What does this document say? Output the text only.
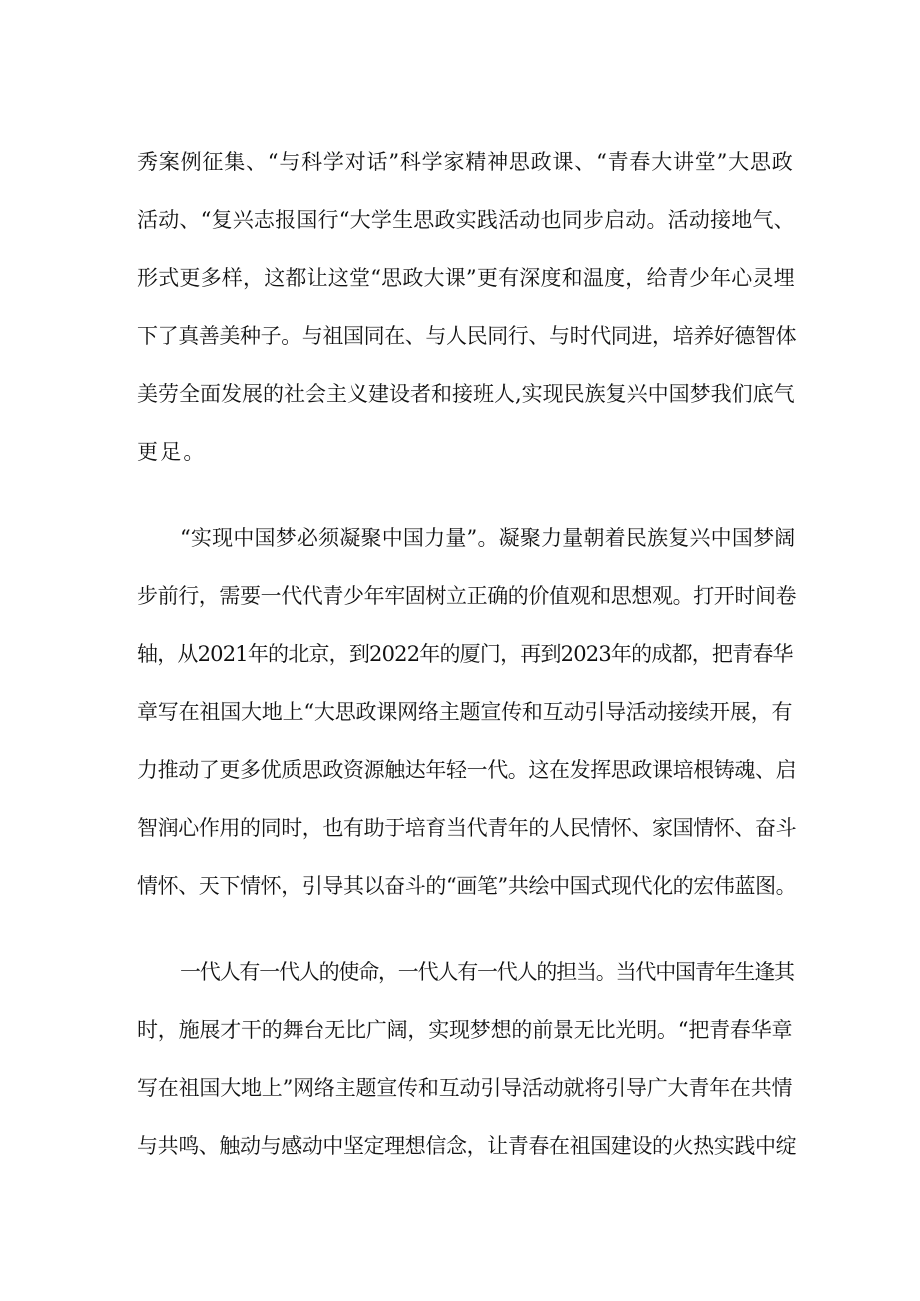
秀案例征集、“与科学对话”科学家精神思政课、“青春大讲堂”大思政
活动、“复兴志报国行“大学生思政实践活动也同步启动。活动接地气、
形式更多样，这都让这堂“思政大课”更有深度和温度，给青少年心灵埋
下了真善美种子。与祖国同在、与人民同行、与时代同进，培养好德智体
美劳全面发展的社会主义建设者和接班人,实现民族复兴中国梦我们底气
更足。
“实现中国梦必须凝聚中国力量”。凝聚力量朝着民族复兴中国梦阔
步前行，需要一代代青少年牢固树立正确的价值观和思想观。打开时间卷
轴，从2021年的北京，到2022年的厦门，再到2023年的成都，把青春华
章写在祖国大地上“大思政课网络主题宣传和互动引导活动接续开展，有
力推动了更多优质思政资源触达年轻一代。这在发挥思政课培根铸魂、启
智润心作用的同时，也有助于培育当代青年的人民情怀、家国情怀、奋斗
情怀、天下情怀，引导其以奋斗的“画笔”共绘中国式现代化的宏伟蓝图。
一代人有一代人的使命，一代人有一代人的担当。当代中国青年生逢其
时，施展才干的舞台无比广阔，实现梦想的前景无比光明。“把青春华章
写在祖国大地上”网络主题宣传和互动引导活动就将引导广大青年在共情
与共鸣、触动与感动中坚定理想信念，让青春在祖国建设的火热实践中绽
